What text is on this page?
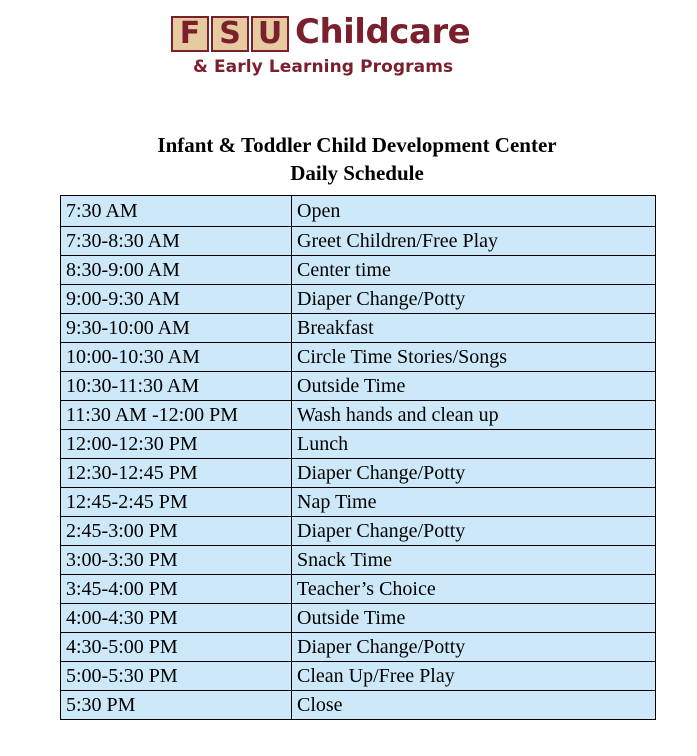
F S U Childcare
& Early Learning Programs
Infant & Toddler Child Development Center
Daily Schedule
7:30 AM	Open
7:30-8:30 AM	Greet Children/Free Play
8:30-9:00 AM	Center time
9:00-9:30 AM	Diaper Change/Potty
9:30-10:00 AM	Breakfast
10:00-10:30 AM	Circle Time Stories/Songs
10:30-11:30 AM	Outside Time
11:30 AM -12:00 PM	Wash hands and clean up
12:00-12:30 PM	Lunch
12:30-12:45 PM	Diaper Change/Potty
12:45-2:45 PM	Nap Time
2:45-3:00 PM	Diaper Change/Potty
3:00-3:30 PM	Snack Time
3:45-4:00 PM	Teacher’s Choice
4:00-4:30 PM	Outside Time
4:30-5:00 PM	Diaper Change/Potty
5:00-5:30 PM	Clean Up/Free Play
5:30 PM	Close
